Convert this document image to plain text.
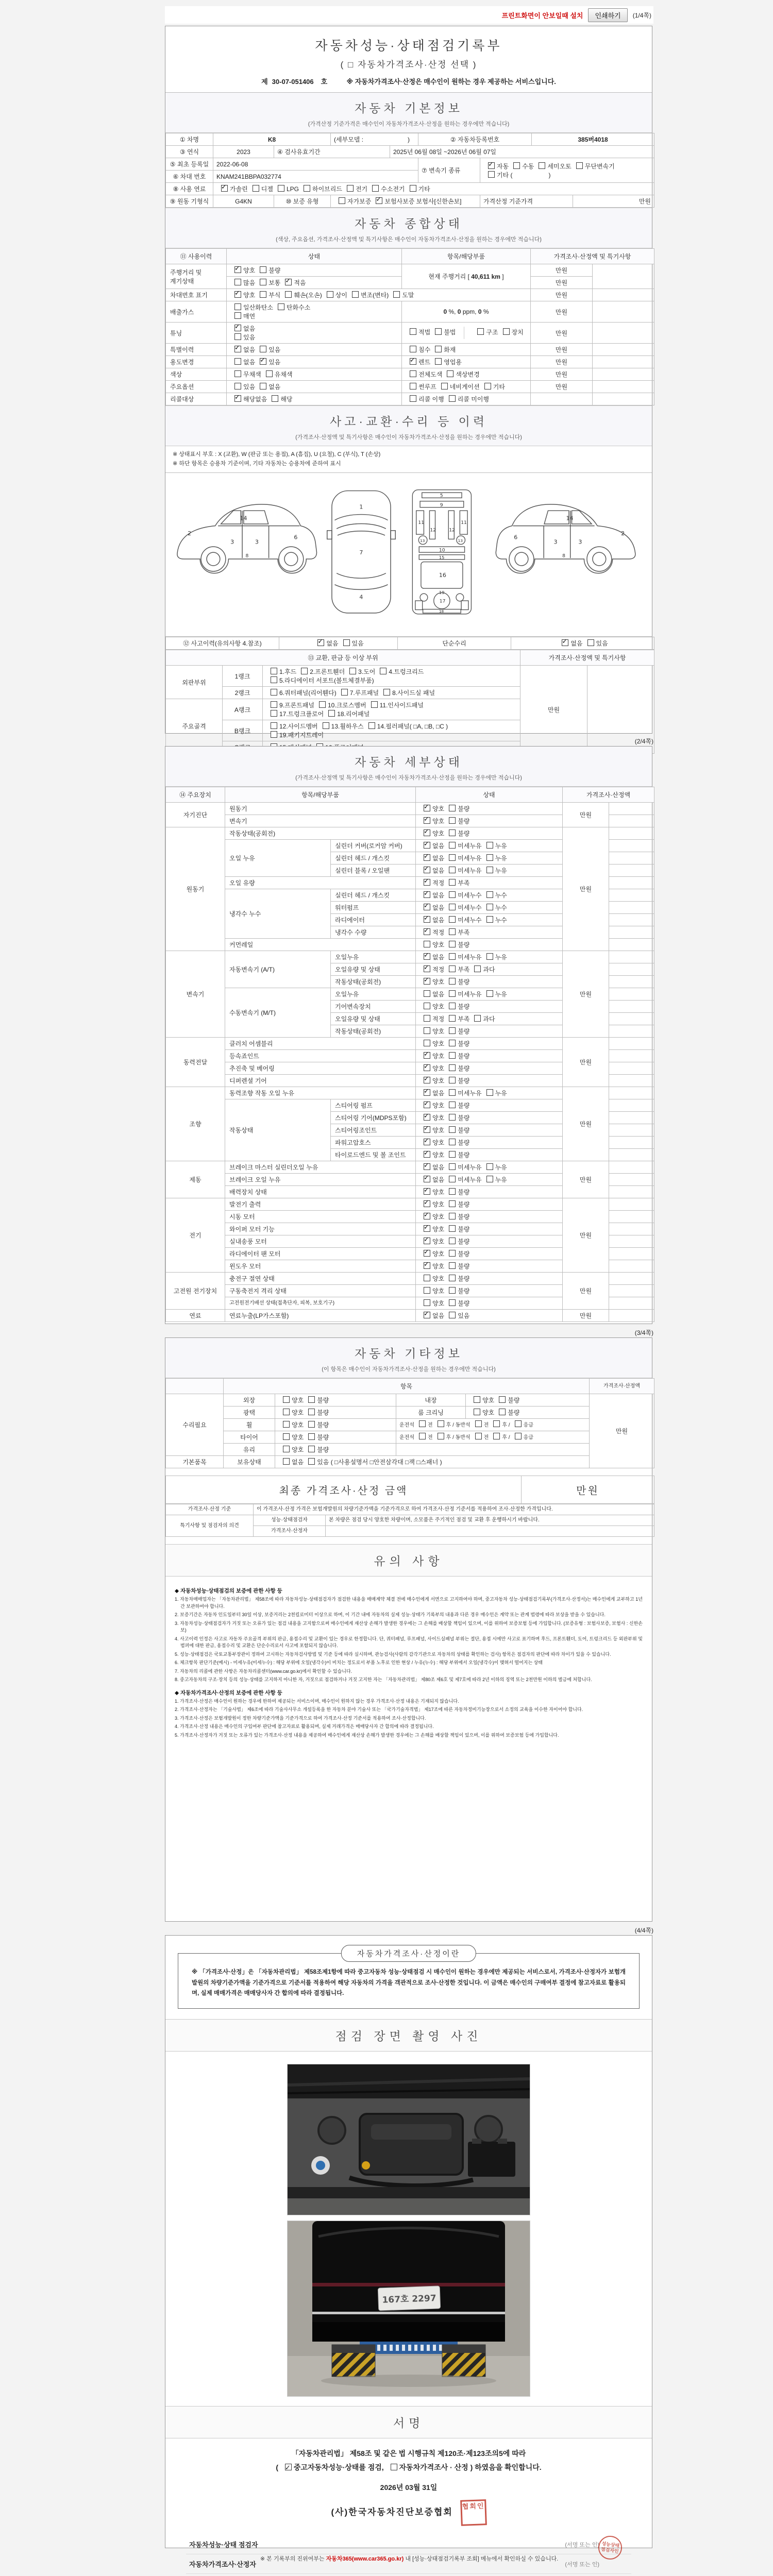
프린트화면이 안보일때 설치	인쇄하기	(1/4쪽)
자동차성능·상태점검기록부
( □ 자동차가격조사·산정 선택 )
제 30-07-051406 호	※ 자동차가격조사·산정은 매수인이 원하는 경우 제공하는 서비스입니다.
자동차 기본정보
(가격산정 기준가격은 매수인이 자동차가격조사·산정을 원하는 경우에만 적습니다)
① 차명	K8		(세부모델 : )		② 자동차등록번호		385버4018	
③ 연식	2023	④ 검사유효기간		2025년 06월 08일 ~2026년 06월 07일				
⑤ 최초 등록일	2022-06-08				⑦ 변속기 종류	✓자동 수동 세미오토 무단변속기
기타 ( )
⑥ 차대 번호	KNAM241BBPA032774							
⑧ 사용 연료	✓가솔린 디젤 LPG 하이브리드 전기 수소전기 기타
⑨ 원동 기형식	G4KN	⑩ 보증 유형	자가보증 ✓ 보험사보증 보험사[신한손보]			가격산정 기준가격		만원
자동차 종합상태
(색상, 주요옵션, 가격조사·산정액 및 특기사항은 매수인이 자동차가격조사·산정을 원하는 경우에만 적습니다)
⑪ 사용이력	상태	항목/해당부품	가격조사·산정액 및 특기사항	
주행거리 및 계기상태	✓양호 불량	현재 주행거리 [ 40,611 km ]	만원	
	많음 보통 ✓ 적음		만원	
차대번호 표기	✓양호 부식 훼손(오손) 상이 변조(변타) 도말		만원	
배출가스	일산화탄소 탄화수소
매연	0 %, 0 ppm, 0 %	만원	
튜닝	✓없음
있음	적법 불법 구조 장치	만원	
특별이력	✓없음 있음	침수 화재	만원	
용도변경	없음 ✓ 있음	✓렌트 영업용	만원	
색상	무채색 유채색	전체도색 색상변경	만원	
주요옵션	있음 없음	썬루프 네비게이션 기타	만원	
리콜대상	✓해당없음 해당	리콜 이행 리콜 미이행		
사고·교환·수리 등 이력
(가격조사·산정액 및 특기사항은 매수인이 자동차가격조사·산정을 원하는 경우에만 적습니다)
※ 상태표시 부호 : X (교환), W (판금 또는 용접), A (흠집), U (요철), C (부식), T (손상)
※ 하단 항목은 승용차 기준이며, 기타 자동차는 승용차에 준하여 표시
2
3	3
14
8
6
1
7
4
5
9
11	11
12	12
13	13
10
15
16
19
17
18
2
3
3
14
8
6
⑫ 사고이력(유의사항 4.참조)	✓없음 있음	단순수리	✓없음 있음
⑬ 교환, 판금 등 이상 부위			가격조사·산정액 및 특기사항	
외판부위	1랭크	1.후드 2.프론트휀더 3.도어 4.트렁크리드
5.라디에이터 서포트(볼트체결부품)	만원	
	2랭크	6.쿼터패널(리어휀다) 7.루프패널 8.사이드실 패널		
주요골격	A랭크	9.프론트패널 10.크로스멤버 11.인사이드패널
17.트렁크플로어 18.리어패널		
	B랭크	12.사이드멤버 13.휠하우스 14.필러패널( □A, □B, □C )
19.패키지트레이		

(2/4쪽)
자동차 세부상태
(가격조사·산정액 및 특기사항은 매수인이 자동차가격조사·산정을 원하는 경우에만 적습니다)
⑭ 주요장치	항목/해당부품		상태	가격조사·산정액	
자기진단	원동기	✓양호 불량	만원	
	변속기	✓양호 불량	
원동기	작동상태(공회전)	✓양호 불량	만원	
	오일 누유	실린더 커버(로커암 커버)	✓없음 미세누유 누유	
		실린더 헤드 / 개스킷	✓없음 미세누유 누유	
		실린더 블록 / 오일팬	✓없음 미세누유 누유	
	오일 유량	✓적정 부족	
	냉각수 누수	실린더 헤드 / 개스킷	✓없음 미세누수 누수	
		워터펌프	✓없음 미세누수 누수	
		라디에이터	✓없음 미세누수 누수	
		냉각수 수량	✓적정 부족	
	커먼레일		양호 불량		
변속기	자동변속기 (A/T)	오일누유	✓없음 미세누유 누유	만원	
		오일유량 및 상태	✓적정 부족 과다	
		작동상태(공회전)	✓양호 불량	
	수동변속기 (M/T)	오일누유	없음 미세누유 누유		
		기어변속장치	양호 불량		
		오일유량 및 상태	적정 부족 과다		
		작동상태(공회전)	양호 불량		
동력전달	클러치 어셈블리		양호 불량	만원	
	등속죠인트	✓양호 불량	
	추진축 및 베어링	✓양호 불량	
	디퍼렌셜 기어	✓양호 불량	
조향	동력조향 작동 오일 누유	✓없음 미세누유 누유	만원	
	작동상태	스티어링 펌프	✓양호 불량	
		스티어링 기어(MDPS포함)	✓양호 불량	
		스티어링조인트	✓양호 불량	
		파워고압호스	✓양호 불량	
		타이로드엔드 및 볼 조인트	✓양호 불량	
제동	브레이크 마스터 실린더오일 누유	✓없음 미세누유 누유	만원	
	브레이크 오일 누유	✓없음 미세누유 누유	
	배력장치 상태	✓양호 불량	
전기	발전기 출력	✓양호 불량	만원	
	시동 모터	✓양호 불량	
	와이퍼 모터 기능	✓양호 불량	
	실내송풍 모터	✓양호 불량	
	라디에이터 팬 모터	✓양호 불량	
	윈도우 모터	✓양호 불량	
고전원 전기장치	충전구 절연 상태		양호 불량	만원	
	구동축전지 격리 상태		양호 불량		
	고전원전기배선 상태(접촉단자, 피복, 보호기구)		양호 불량		
연료	연료누출(LP가스포함)	✓없음 있음	만원	
(3/4쪽)
자동차 기타정보
(이 항목은 매수인이 자동차가격조사·산정을 원하는 경우에만 적습니다)
	항목				가격조사·산정액
수리필요	외장	양호 불량	내장	양호 불량	만원
	광택	양호 불량	룸 크리닝	양호 불량	
	휠	양호 불량	운전석 전 후 / 동반석 전 후 / 응급		
	타이어	양호 불량	운전석 전 후 / 동반석 전 후 / 응급		
	유리	양호 불량			
기본품목	보유상태	없음 있음 ( □사용설명서 □안전삼각대 □잭 □스패너 )			
최종 가격조사·산정 금액	만원
가격조사·산정 기준	이 가격조사·산정 가격은 보험개발원의 차량기준가액을 기준가격으로 하여 가격조사·산정 기준서를 적용하여 조사·산정한 가격입니다.	
특기사항 및 점검자의 의견	성능·상태점검자	본 차량은 점검 당시 양호한 차량이며, 소모품은 주기적인 점검 및 교환 후 운행하시기 바랍니다.
	가격조사·산정자	
유의 사항
◆ 자동차성능·상태점검의 보증에 관한 사항 등
1. 자동차매매업자는 「자동차관리법」 제58조에 따라 자동차성능·상태점검자가 점검한 내용을 매매계약 체결 전에 매수인에게 서면으로 고지하여야 하며, 중고자동차 성능·상태점검기록부(가격조사·산정서)는 매수인에게 교부하고 1년간 보관하여야 합니다.
2. 보증기간은 자동차 인도일부터 30일 이상, 보증거리는 2천킬로미터 이상으로 하며, 이 기간 내에 자동차의 실제 성능·상태가 기록부의 내용과 다른 경우 매수인은 계약 또는 관계 법령에 따라 보상을 받을 수 있습니다.
3. 자동차성능·상태점검자가 거짓 또는 오류가 있는 점검 내용을 고지함으로써 매수인에게 재산상 손해가 발생한 경우에는 그 손해를 배상할 책임이 있으며, 이를 위하여 보증보험 등에 가입합니다. (보증유형 : 보험사보증, 보험사 : 신한손보)
4. 사고이력 인정은 사고로 자동차 주요골격 부위의 판금, 용접수리 및 교환이 있는 경우로 한정합니다. 단, 쿼터패널, 루프패널, 사이드실패널 부위는 절단, 용접 시에만 사고로 표기하며 후드, 프론트휀더, 도어, 트렁크리드 등 외판부위 및 범퍼에 대한 판금, 용접수리 및 교환은 단순수리로서 사고에 포함되지 않습니다.
5. 성능·상태점검은 국토교통부장관이 정하여 고시하는 자동차검사방법 및 기준 등에 따라 실시하며, 관능검사(사람의 감각기관으로 자동차의 상태를 확인하는 검사) 항목은 점검자의 판단에 따라 차이가 있을 수 있습니다.
6. 체크항목 판단기준(예시) - 미세누유(미세누수) : 해당 부위에 오일(냉각수)이 비치는 정도로서 부품 노후로 인한 현상 / 누유(누수) : 해당 부위에서 오일(냉각수)이 맺혀서 떨어지는 상태
7. 자동차의 리콜에 관한 사항은 자동차리콜센터(www.car.go.kr)에서 확인할 수 있습니다.
8. 중고자동차의 구조·장치 등의 성능·상태를 고지하지 아니한 자, 거짓으로 점검하거나 거짓 고지한 자는 「자동차관리법」 제80조 제6호 및 제7호에 따라 2년 이하의 징역 또는 2천만원 이하의 벌금에 처합니다.
◆ 자동차가격조사·산정의 보증에 관한 사항 등
1. 가격조사·산정은 매수인이 원하는 경우에 한하여 제공되는 서비스이며, 매수인이 원하지 않는 경우 가격조사·산정 내용은 기재되지 않습니다.
2. 가격조사·산정자는 「기술사법」 제6조에 따라 기술사사무소 개설등록을 한 자동차 분야 기술사 또는 「국가기술자격법」 제17조에 따른 자동차정비기능장으로서 소정의 교육을 이수한 자이어야 합니다.
3. 가격조사·산정은 보험개발원이 정한 차량기준가액을 기준가격으로 하여 가격조사·산정 기준서를 적용하여 조사·산정합니다.
4. 가격조사·산정 내용은 매수인의 구입여부 판단에 참고자료로 활용되며, 실제 거래가격은 매매당사자 간 합의에 따라 결정됩니다.
5. 가격조사·산정자가 거짓 또는 오류가 있는 가격조사·산정 내용을 제공하여 매수인에게 재산상 손해가 발생한 경우에는 그 손해를 배상할 책임이 있으며, 이를 위하여 보증보험 등에 가입합니다.
(4/4쪽)
자동차가격조사·산정이란
※ 「가격조사·산정」은 「자동차관리법」 제58조제1항에 따라 중고자동차 성능·상태점검 시 매수인이 원하는 경우에만 제공되는 서비스로서, 가격조사·산정자가 보험개발원의 차량기준가액을 기준가격으로 기준서를 적용하여 해당 자동차의 가격을 객관적으로 조사·산정한 것입니다. 이 금액은 매수인의 구매여부 결정에 참고자료로 활용되며, 실제 매매가격은 매매당사자 간 합의에 따라 결정됩니다.
점검 장면 촬영 사진
167호 2297
서명
「자동차관리법」 제58조 및 같은 법 시행규칙 제120조·제123조의5에 따라
( ✓중고자동차성능·상태를 점검, 자동차가격조사 · 산정 ) 하였음을 확인합니다.
2026년 03월 31일
(사)한국자동차진단보증협회 협회인
자동차성능·상태 점검자	(서명 또는 인) 성능상태 점검자인
자동차가격조사·산정자	(서명 또는 인)
※ 본 기록부의 진위여부는 자동차365(www.car365.go.kr) 내 [성능·상태점검기록부 조회] 메뉴에서 확인하실 수 있습니다.
